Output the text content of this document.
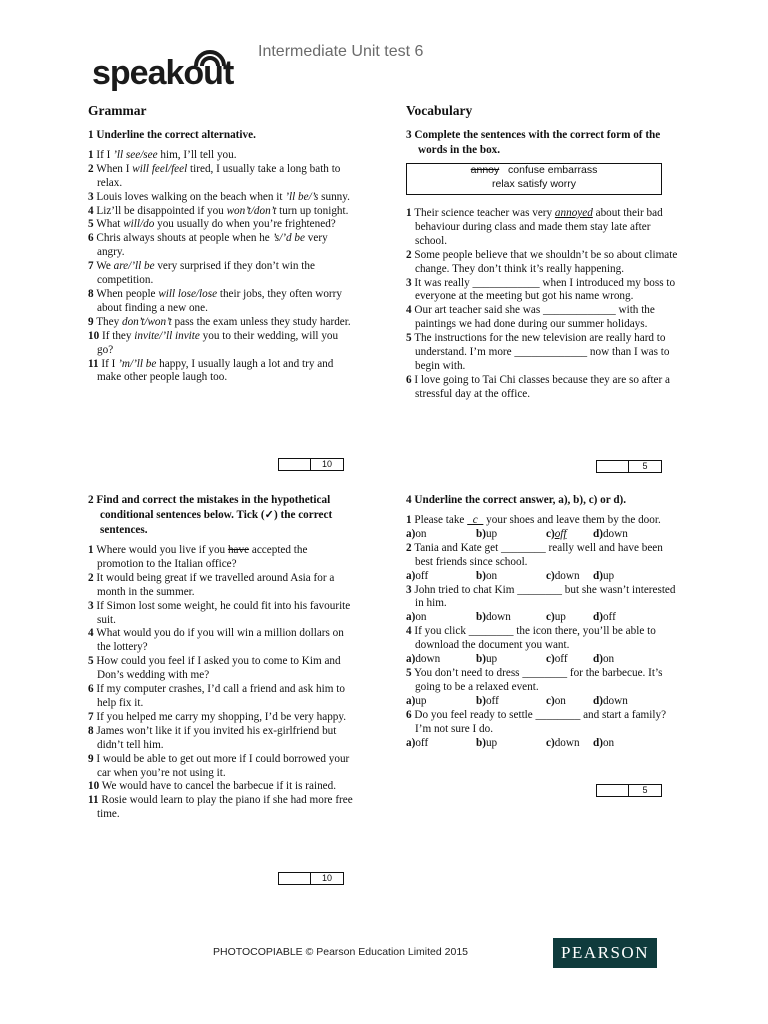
speakout
Intermediate Unit test 6
Grammar
1 Underline the correct alternative.

1 If I ’ll see/see him, I’ll tell you.

2 When I will feel/feel tired, I usually take a long bath to relax.

3 Louis loves walking on the beach when it ’ll be/’s sunny.

4 Liz’ll be disappointed if you won’t/don’t turn up tonight.

5 What will/do you usually do when you’re frightened?

6 Chris always shouts at people when he ’s/’d be very angry.

7 We are/’ll be very surprised if they don’t win the competition.

8 When people will lose/lose their jobs, they often worry about finding a new one.

9 They don’t/won’t pass the exam unless they study harder.

10 If they invite/’ll invite you to their wedding, will you go?

11 If I ’m/’ll be happy, I usually laugh a lot and try and make other people laugh too.

10
2 Find and correct the mistakes in the hypothetical conditional sentences below. Tick (✓) the correct sentences.

1 Where would you live if you have accepted the promotion to the Italian office?

2 It would being great if we travelled around Asia for a month in the summer.

3 If Simon lost some weight, he could fit into his favourite suit.

4 What would you do if you will win a million dollars on the lottery?

5 How could you feel if I asked you to come to Kim and Don’s wedding with me?

6 If my computer crashes, I’d call a friend and ask him to help fix it.

7 If you helped me carry my shopping, I’d be very happy.

8 James won’t like it if you invited his ex-girlfriend but didn’t tell him.

9 I would be able to get out more if I could borrowed your car when you’re not using it.

10 We would have to cancel the barbecue if it is rained.

11 Rosie would learn to play the piano if she had more free time.

10
Vocabulary
3 Complete the sentences with the correct form of the words in the box.
annoy confuse embarrass
relax satisfy worry

1 Their science teacher was very annoyed about their bad behaviour during class and made them stay late after school.

2 Some people believe that we shouldn’t be so about climate change. They don’t think it’s really happening.

3 It was really ____________ when I introduced my boss to everyone at the meeting but got his name wrong.

4 Our art teacher said she was _____________ with the paintings we had done during our summer holidays.

5 The instructions for the new television are really hard to understand. I’m more _____________ now than I was to begin with.

6 I love going to Tai Chi classes because they are so after a stressful day at the office.

5
4 Underline the correct answer, a), b), c) or d).

1 Please take   c   your shoes and leave them by the door.

a)on	b)up	c)off	d)down

2 Tania and Kate get ________ really well and have been best friends since school.

a)off	b)on	c)down	d)up

3 John tried to chat Kim ________ but she wasn’t interested in him.

a)on	b)down	c)up	d)off

4 If you click ________ the icon there, you’ll be able to download the document you want.

a)down	b)up	c)off	d)on

5 You don’t need to dress ________ for the barbecue. It’s going to be a relaxed event.

a)up	b)off	c)on	d)down

6 Do you feel ready to settle ________ and start a family? I’m not sure I do.

a)off	b)up	c)down	d)on
5
PHOTOCOPIABLE © Pearson Education Limited 2015	PEARSON
